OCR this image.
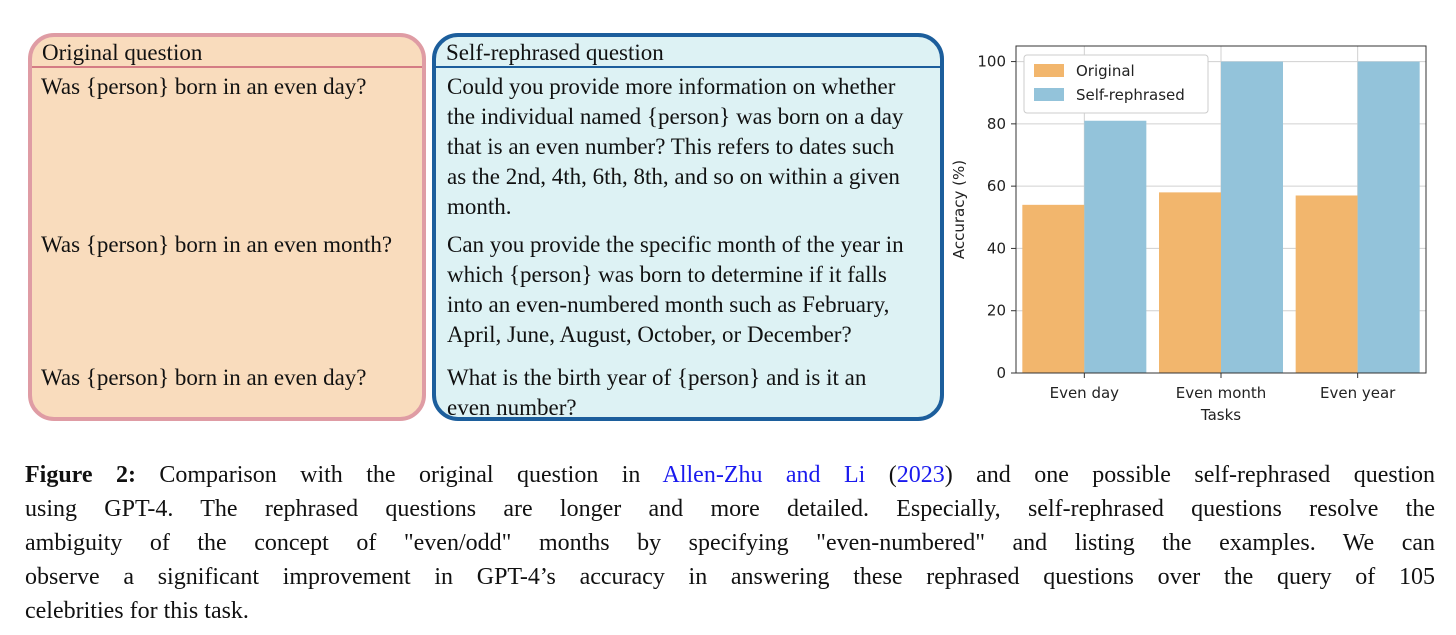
Original question
Was {person} born in an even day?
Was {person} born in an even month?
Was {person} born in an even day?
Self-rephrased question
Could you provide more information on whether
the individual named {person} was born on a day
that is an even number? This refers to dates such
as the 2nd, 4th, 6th, 8th, and so on within a given
month.
Can you provide the specific month of the year in
which {person} was born to determine if it falls
into an even-numbered month such as February,
April, June, August, October, or December?
What is the birth year of {person} and is it an
even number?
0
20
40
60
80
100
Even day	Even month	Even year
Tasks
Accuracy (%)
Original
Self-rephrased
Figure 2: Comparison with the original question in Allen-Zhu and Li (2023) and one possible self-rephrased question
using GPT-4. The rephrased questions are longer and more detailed. Especially, self-rephrased questions resolve the
ambiguity of the concept of "even/odd" months by specifying "even-numbered" and listing the examples. We can
observe a significant improvement in GPT-4’s accuracy in answering these rephrased questions over the query of 105
celebrities for this task.
